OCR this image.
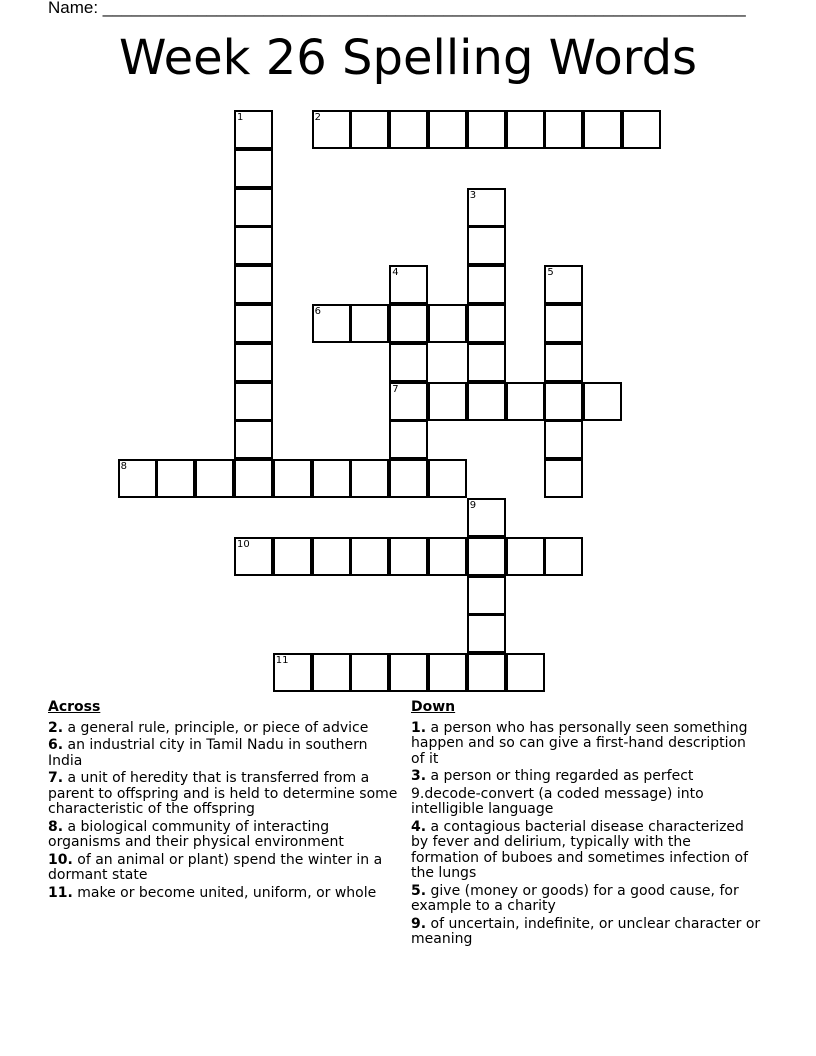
Name: ____________________________________________________________________
Week 26 Spelling Words
1	2
3
4	5
6
7
8
9
10
11
Across
2. a general rule, principle, or piece of advice
6. an industrial city in Tamil Nadu in southern India
7. a unit of heredity that is transferred from a parent to offspring and is held to determine some characteristic of the offspring
8. a biological community of interacting organisms and their physical environment
10. of an animal or plant) spend the winter in a dormant state
11. make or become united, uniform, or whole
Down
1. a person who has personally seen something happen and so can give a first-hand description of it
3. a person or thing regarded as perfect
9.decode-convert (a coded message) into intelligible language
4. a contagious bacterial disease characterized by fever and delirium, typically with the formation of buboes and sometimes infection of the lungs
5. give (money or goods) for a good cause, for example to a charity
9. of uncertain, indefinite, or unclear character or meaning
